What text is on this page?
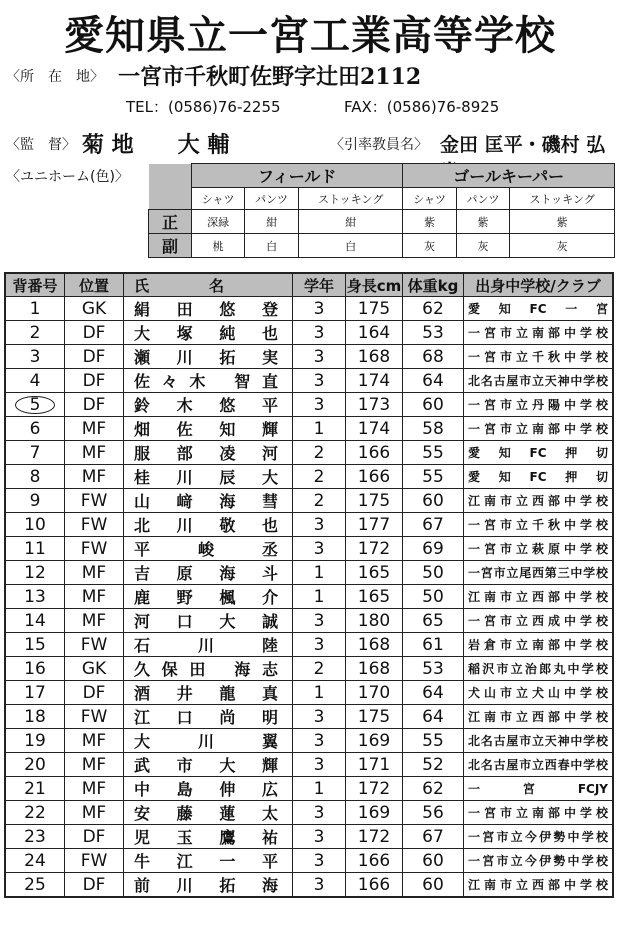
愛知県立一宮工業高等学校
〈所　在　地〉 一宮市千秋町佐野字辻田2112
TEL：(0586)76-2255	FAX：(0586)76-8925
〈監　督〉 菊 地　　大 輔	〈引率教員名〉 金田 匡平・磯村 弘
〈ユニホーム(色)〉
		フィールド			ゴールキーパー		
	シャツ	パンツ	ストッキング	シャツ	パンツ	ストッキング
正	深緑	紺	紺	紫	紫	紫
副	桃	白	白	灰	灰	灰
背番号	位置	氏　　　　名	学年	身長cm	体重kg	出身中学校/クラブ
1	GK	絹 田 悠 登	3	175	62	愛知FC一宮
2	DF	大 塚 純 也	3	164	53	一宮市立南部中学校
3	DF	瀬 川 拓 実	3	168	68	一宮市立千秋中学校
4	DF	佐々木 智直	3	174	64	北名古屋市立天神中学校
5	DF	鈴 木 悠 平	3	173	60	一宮市立丹陽中学校
6	MF	畑 佐 知 輝	1	174	58	一宮市立南部中学校
7	MF	服 部 凌 河	2	166	55	愛知FC押切
8	MF	桂 川 辰 大	2	166	55	愛知FC押切
9	FW	山 﨑 海 彗	2	175	60	江南市立西部中学校
10	FW	北 川 敬 也	3	177	67	一宮市立千秋中学校
11	FW	平 峻 丞	3	172	69	一宮市立萩原中学校
12	MF	吉 原 海 斗	1	165	50	一宮市立尾西第三中学校
13	MF	鹿 野 楓 介	1	165	50	江南市立西部中学校
14	MF	河 口 大 誠	3	180	65	一宮市立西成中学校
15	FW	石 川 陸	3	168	61	岩倉市立南部中学校
16	GK	久保田 海志	2	168	53	稲沢市立治郎丸中学校
17	DF	酒 井 龍 真	1	170	64	犬山市立犬山中学校
18	FW	江 口 尚 明	3	175	64	江南市立西部中学校
19	MF	大 川 翼	3	169	55	北名古屋市立天神中学校
20	MF	武 市 大 輝	3	171	52	北名古屋市立西春中学校
21	MF	中 島 伸 広	1	172	62	一宮FCJY
22	MF	安 藤 蓮 太	3	169	56	一宮市立南部中学校
23	DF	児 玉 鷹 祐	3	172	67	一宮市立今伊勢中学校
24	FW	牛 江 一 平	3	166	60	一宮市立今伊勢中学校
25	DF	前 川 拓 海	3	166	60	江南市立西部中学校
